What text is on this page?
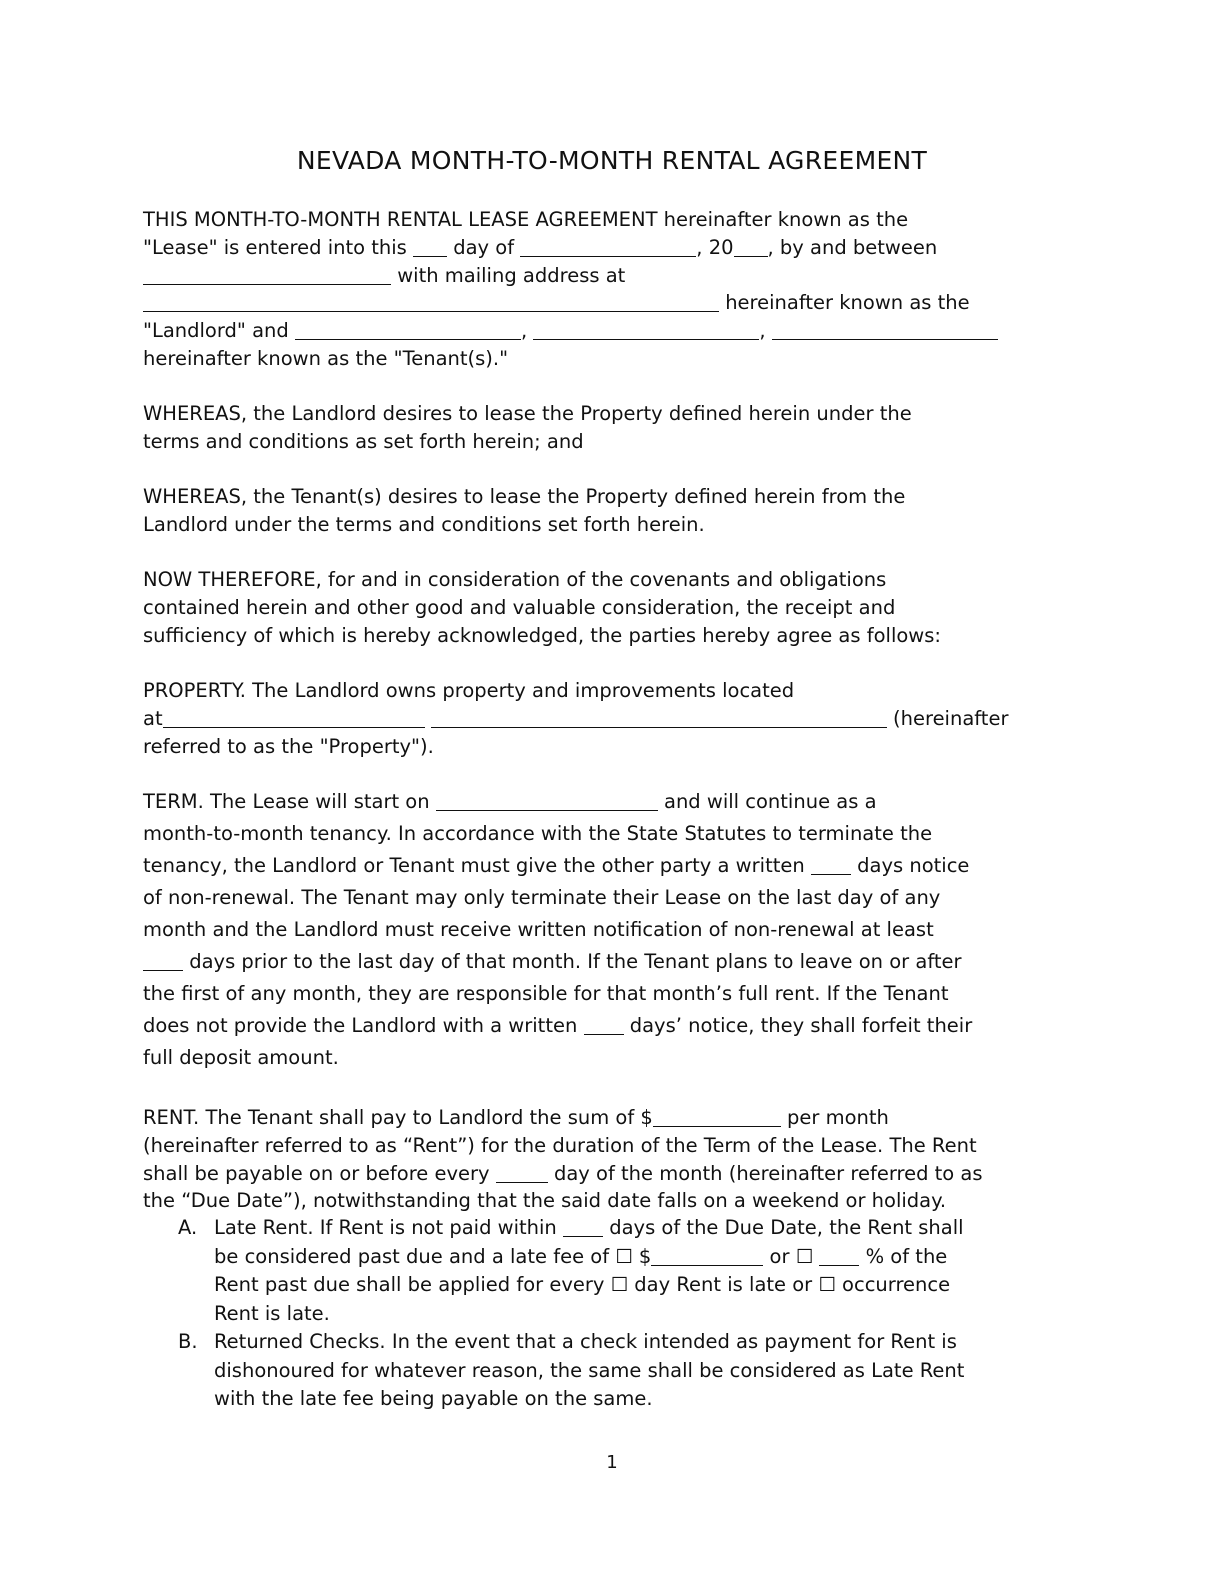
NEVADA MONTH-TO-MONTH RENTAL AGREEMENT
THIS MONTH-TO-MONTH RENTAL LEASE AGREEMENT hereinafter known as the
"Lease" is entered into this  day of	, 20 , by and between
with mailing address at
hereinafter known as the
"Landlord" and	,	,
hereinafter known as the "Tenant(s)."
WHEREAS, the Landlord desires to lease the Property defined herein under the
terms and conditions as set forth herein; and
WHEREAS, the Tenant(s) desires to lease the Property defined herein from the
Landlord under the terms and conditions set forth herein.
NOW THEREFORE, for and in consideration of the covenants and obligations
contained herein and other good and valuable consideration, the receipt and
sufficiency of which is hereby acknowledged, the parties hereby agree as follows:
PROPERTY. The Landlord owns property and improvements located
at	(hereinafter
referred to as the "Property").
TERM. The Lease will start on	and will continue as a
month-to-month tenancy. In accordance with the State Statutes to terminate the
tenancy, the Landlord or Tenant must give the other party a written  days notice
of non-renewal. The Tenant may only terminate their Lease on the last day of any
month and the Landlord must receive written notification of non-renewal at least
days prior to the last day of that month. If the Tenant plans to leave on or after
the first of any month, they are responsible for that month’s full rent. If the Tenant
does not provide the Landlord with a written  days’ notice, they shall forfeit their
full deposit amount.
RENT. The Tenant shall pay to Landlord the sum of $	per month
(hereinafter referred to as “Rent”) for the duration of the Term of the Lease. The Rent
shall be payable on or before every	day of the month (hereinafter referred to as
the “Due Date”), notwithstanding that the said date falls on a weekend or holiday.
A. Late Rent. If Rent is not paid within  days of the Due Date, the Rent shall
be considered past due and a late fee of ☐ $	or ☐  % of the
Rent past due shall be applied for every ☐ day Rent is late or ☐ occurrence
Rent is late.
B. Returned Checks. In the event that a check intended as payment for Rent is
dishonoured for whatever reason, the same shall be considered as Late Rent
with the late fee being payable on the same.
1
